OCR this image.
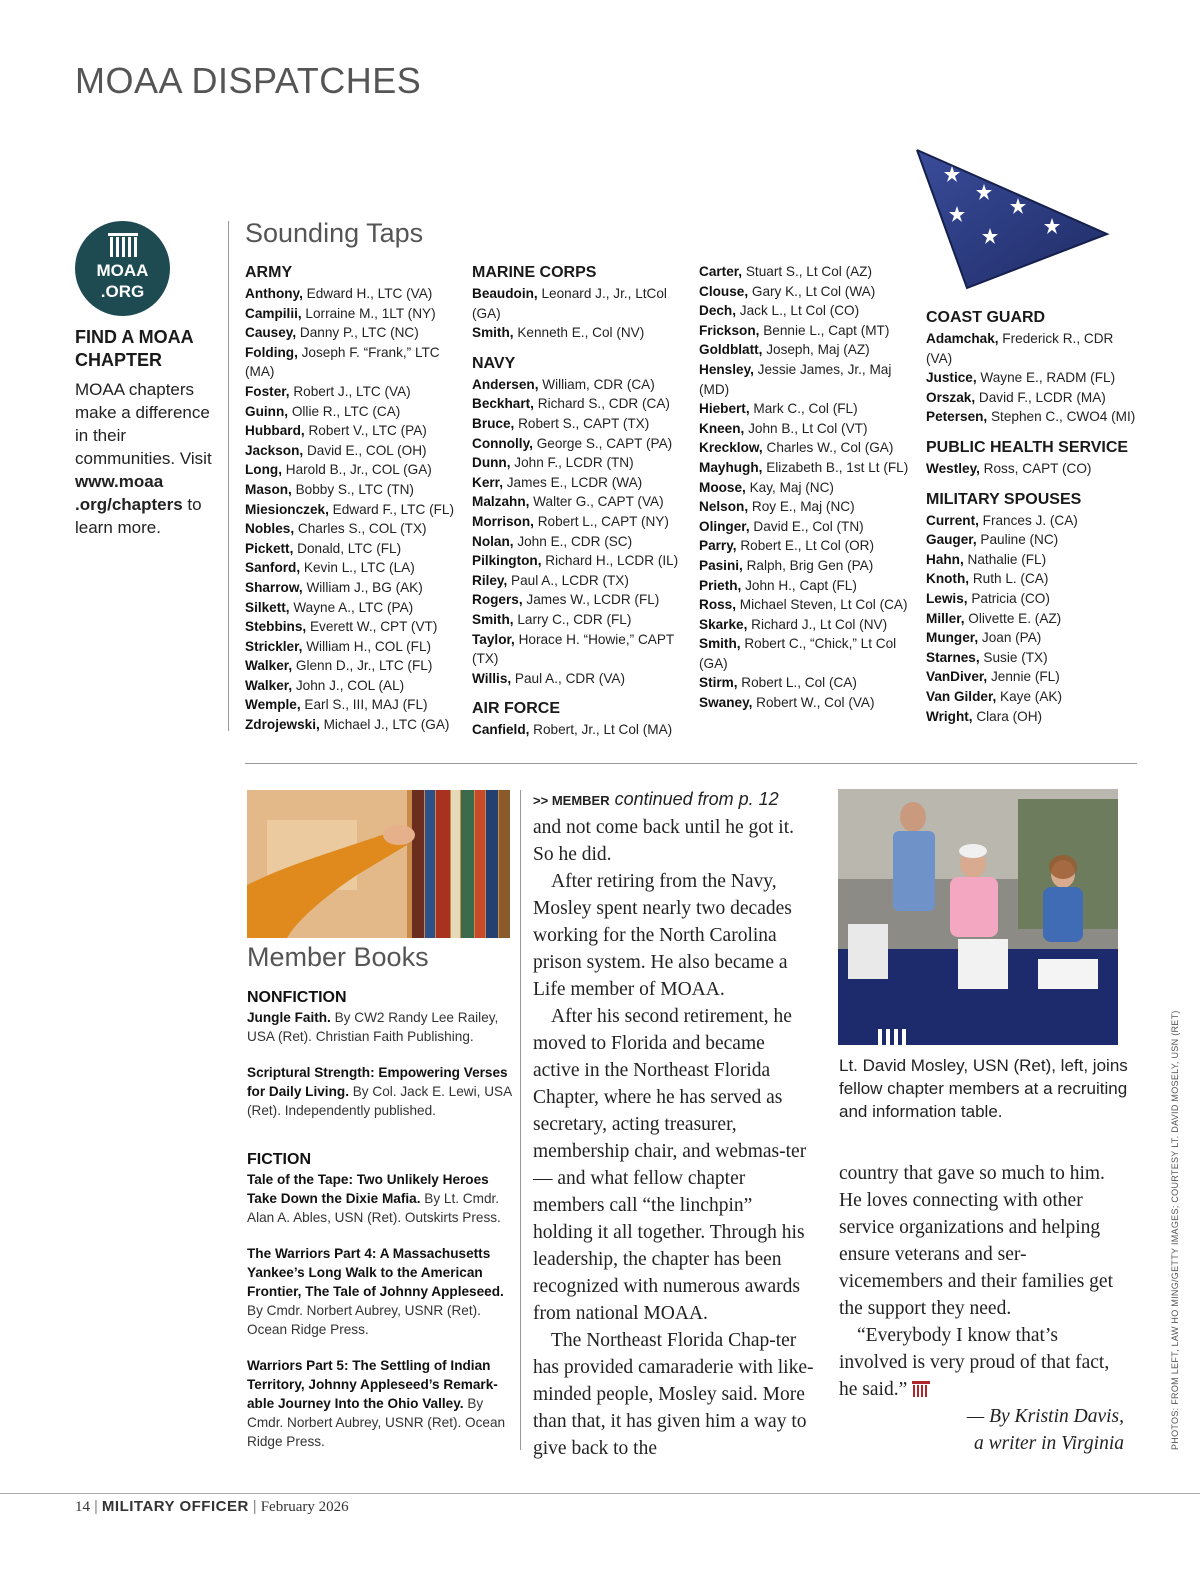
MOAA DISPATCHES
MOAA
.ORG
FIND A MOAA CHAPTER
MOAA chapters make a difference in their communities. Visit www.moaa .org/chapters to learn more.
Sounding Taps
ARMY
Anthony, Edward H., LTC (VA)
Campilii, Lorraine M., 1LT (NY)
Causey, Danny P., LTC (NC)
Folding, Joseph F. “Frank,” LTC (MA)
Foster, Robert J., LTC (VA)
Guinn, Ollie R., LTC (CA)
Hubbard, Robert V., LTC (PA)
Jackson, David E., COL (OH)
Long, Harold B., Jr., COL (GA)
Mason, Bobby S., LTC (TN)
Miesionczek, Edward F., LTC (FL)
Nobles, Charles S., COL (TX)
Pickett, Donald, LTC (FL)
Sanford, Kevin L., LTC (LA)
Sharrow, William J., BG (AK)
Silkett, Wayne A., LTC (PA)
Stebbins, Everett W., CPT (VT)
Strickler, William H., COL (FL)
Walker, Glenn D., Jr., LTC (FL)
Walker, John J., COL (AL)
Wemple, Earl S., III, MAJ (FL)
Zdrojewski, Michael J., LTC (GA)
MARINE CORPS
Beaudoin, Leonard J., Jr., LtCol (GA)
Smith, Kenneth E., Col (NV)
NAVY
Andersen, William, CDR (CA)
Beckhart, Richard S., CDR (CA)
Bruce, Robert S., CAPT (TX)
Connolly, George S., CAPT (PA)
Dunn, John F., LCDR (TN)
Kerr, James E., LCDR (WA)
Malzahn, Walter G., CAPT (VA)
Morrison, Robert L., CAPT (NY)
Nolan, John E., CDR (SC)
Pilkington, Richard H., LCDR (IL)
Riley, Paul A., LCDR (TX)
Rogers, James W., LCDR (FL)
Smith, Larry C., CDR (FL)
Taylor, Horace H. “Howie,” CAPT (TX)
Willis, Paul A., CDR (VA)
AIR FORCE
Canfield, Robert, Jr., Lt Col (MA)
Carter, Stuart S., Lt Col (AZ)
Clouse, Gary K., Lt Col (WA)
Dech, Jack L., Lt Col (CO)
Frickson, Bennie L., Capt (MT)
Goldblatt, Joseph, Maj (AZ)
Hensley, Jessie James, Jr., Maj (MD)
Hiebert, Mark C., Col (FL)
Kneen, John B., Lt Col (VT)
Krecklow, Charles W., Col (GA)
Mayhugh, Elizabeth B., 1st Lt (FL)
Moose, Kay, Maj (NC)
Nelson, Roy E., Maj (NC)
Olinger, David E., Col (TN)
Parry, Robert E., Lt Col (OR)
Pasini, Ralph, Brig Gen (PA)
Prieth, John H., Capt (FL)
Ross, Michael Steven, Lt Col (CA)
Skarke, Richard J., Lt Col (NV)
Smith, Robert C., “Chick,” Lt Col (GA)
Stirm, Robert L., Col (CA)
Swaney, Robert W., Col (VA)
COAST GUARD
Adamchak, Frederick R., CDR (VA)
Justice, Wayne E., RADM (FL)
Orszak, David F., LCDR (MA)
Petersen, Stephen C., CWO4 (MI)
PUBLIC HEALTH SERVICE
Westley, Ross, CAPT (CO)
MILITARY SPOUSES
Current, Frances J. (CA)
Gauger, Pauline (NC)
Hahn, Nathalie (FL)
Knoth, Ruth L. (CA)
Lewis, Patricia (CO)
Miller, Olivette E. (AZ)
Munger, Joan (PA)
Starnes, Susie (TX)
VanDiver, Jennie (FL)
Van Gilder, Kaye (AK)
Wright, Clara (OH)
Member Books
NONFICTION
Jungle Faith. By CW2 Randy Lee Railey, USA (Ret). Christian Faith Publishing.
Scriptural Strength: Empowering Verses for Daily Living. By Col. Jack E. Lewi, USA (Ret). Independently published.
FICTION
Tale of the Tape: Two Unlikely Heroes Take Down the Dixie Mafia. By Lt. Cmdr. Alan A. Ables, USN (Ret). Outskirts Press.
The Warriors Part 4: A Massachusetts Yankee’s Long Walk to the American Frontier, The Tale of Johnny Appleseed. By Cmdr. Norbert Aubrey, USNR (Ret). Ocean Ridge Press.
Warriors Part 5: The Settling of Indian Territory, Johnny Appleseed’s Remark-able Journey Into the Ohio Valley. By Cmdr. Norbert Aubrey, USNR (Ret). Ocean Ridge Press.

>> MEMBER continued from p. 12

and not come back until he got it. So he did.

After retiring from the Navy, Mosley spent nearly two decades working for the North Carolina prison system. He also became a Life member of MOAA.

After his second retirement, he moved to Florida and became active in the Northeast Florida Chapter, where he has served as secretary, acting treasurer, membership chair, and webmas-ter — and what fellow chapter members call “the linchpin” holding it all together. Through his leadership, the chapter has been recognized with numerous awards from national MOAA.

The Northeast Florida Chap-ter has provided camaraderie with like-minded people, Mosley said. More than that, it has given him a way to give back to the

Lt. David Mosley, USN (Ret), left, joins fellow chapter members at a recruiting and information table.

country that gave so much to him. He loves connecting with other service organizations and helping ensure veterans and ser-vicemembers and their families get the support they need.

“Everybody I know that’s involved is very proud of that fact, he said.”

— By Kristin Davis,

a writer in Virginia	PHOTOS: FROM LEFT, LAW HO MING/GETTY IMAGES; COURTESY LT. DAVID MOSELY, USN (RET)
14 | MILITARY OFFICER | February 2026
